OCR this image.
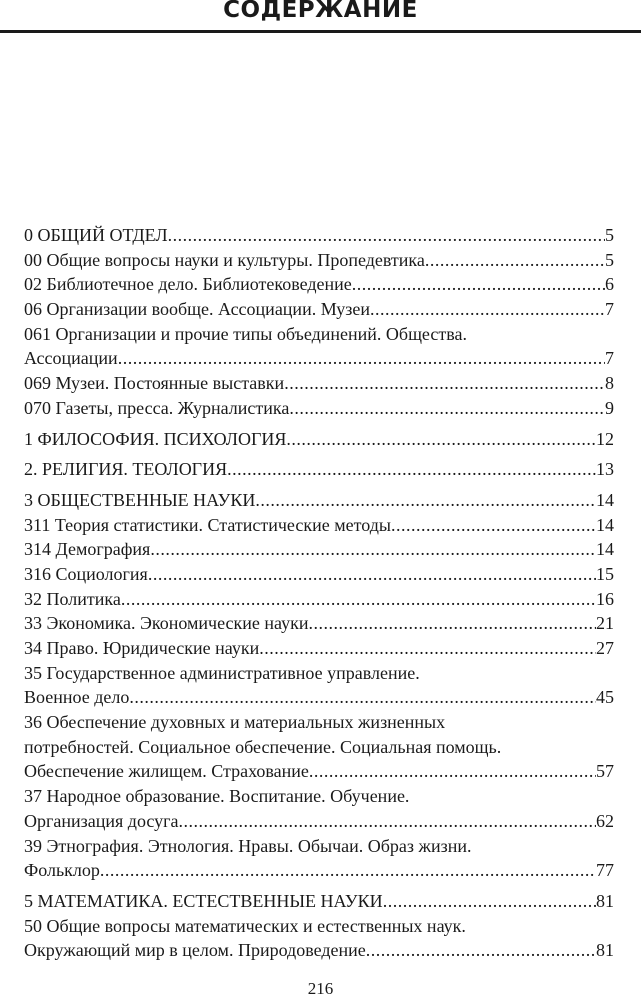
СОДЕРЖАНИЕ
0 ОБЩИЙ ОТДЕЛ .....	5
00 Общие вопросы науки и культуры. Пропедевтика .....	5
02 Библиотечное дело. Библиотековедение .....	6
06 Организации вообще. Ассоциации. Музеи .....	7
061 Организации и прочие типы объединений. Общества.
Ассоциации .....	7
069 Музеи. Постоянные выставки .....	8
070 Газеты, пресса. Журналистика .....	9
1 ФИЛОСОФИЯ. ПСИХОЛОГИЯ .....	12
2. РЕЛИГИЯ. ТЕОЛОГИЯ .....	13
3 ОБЩЕСТВЕННЫЕ НАУКИ .....	14
311 Теория статистики. Статистические методы .....	14
314 Демография .....	14
316 Социология .....	15
32 Политика .....	16
33 Экономика. Экономические науки .....	21
34 Право. Юридические науки .....	27
35 Государственное административное управление.
Военное дело .....	45
36 Обеспечение духовных и материальных жизненных
потребностей. Социальное обеспечение. Социальная помощь.
Обеспечение жилищем. Страхование .....	57
37 Народное образование. Воспитание. Обучение.
Организация досуга .....	62
39 Этнография. Этнология. Нравы. Обычаи. Образ жизни.
Фольклор .....	77
5 МАТЕМАТИКА. ЕСТЕСТВЕННЫЕ НАУКИ .....	81
50 Общие вопросы математических и естественных наук.
Окружающий мир в целом. Природоведение .....	81
216
